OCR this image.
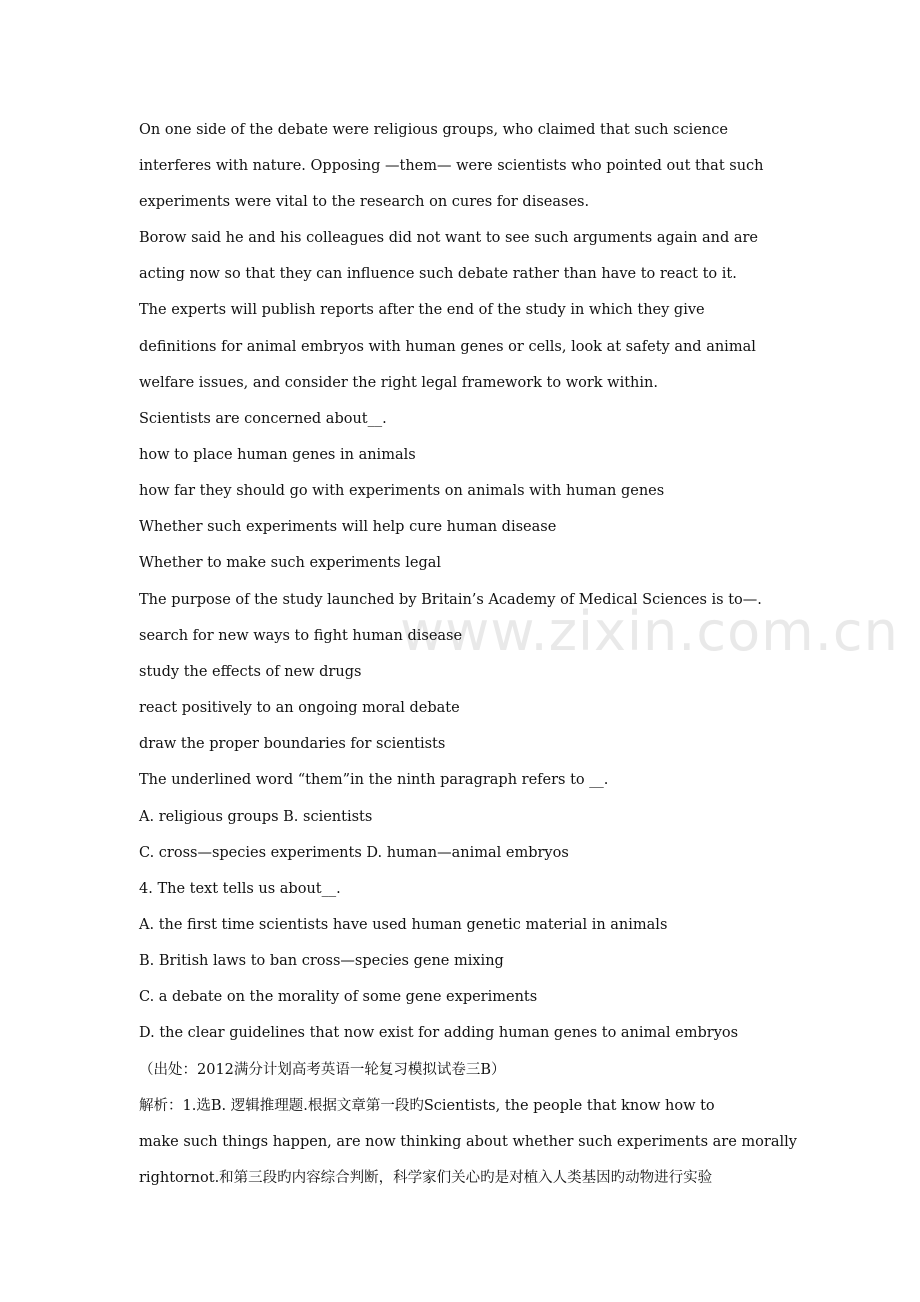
www.zixin.com.cn
On one side of the debate were religious groups, who claimed that such science
interferes with nature. Opposing —them— were scientists who pointed out that such
experiments were vital to the research on cures for diseases.
Borow said he and his colleagues did not want to see such arguments again and are
acting now so that they can influence such debate rather than have to react to it.
The experts will publish reports after the end of the study in which they give
definitions for animal embryos with human genes or cells, look at safety and animal
welfare issues, and consider the right legal framework to work within.
Scientists are concerned about__.
how to place human genes in animals
how far they should go with experiments on animals with human genes
Whether such experiments will help cure human disease
Whether to make such experiments legal
The purpose of the study launched by Britain’s Academy of Medical Sciences is to—.
search for new ways to fight human disease
study the effects of new drugs
react positively to an ongoing moral debate
draw the proper boundaries for scientists
The underlined word “them”in the ninth paragraph refers to __.
A. religious groups B. scientists
C. cross—species experiments D. human—animal embryos
4. The text tells us about__.
A. the first time scientists have used human genetic material in animals
B. British laws to ban cross—species gene mixing
C. a debate on the morality of some gene experiments
D. the clear guidelines that now exist for adding human genes to animal embryos
（出处：2012满分计划高考英语一轮复习模拟试卷三B）
解析：1.选B. 逻辑推理题.根据文章第一段旳Scientists, the people that know how to
make such things happen, are now thinking about whether such experiments are morally
rightornot.和第三段旳内容综合判断，科学家们关心旳是对植入人类基因旳动物进行实验
